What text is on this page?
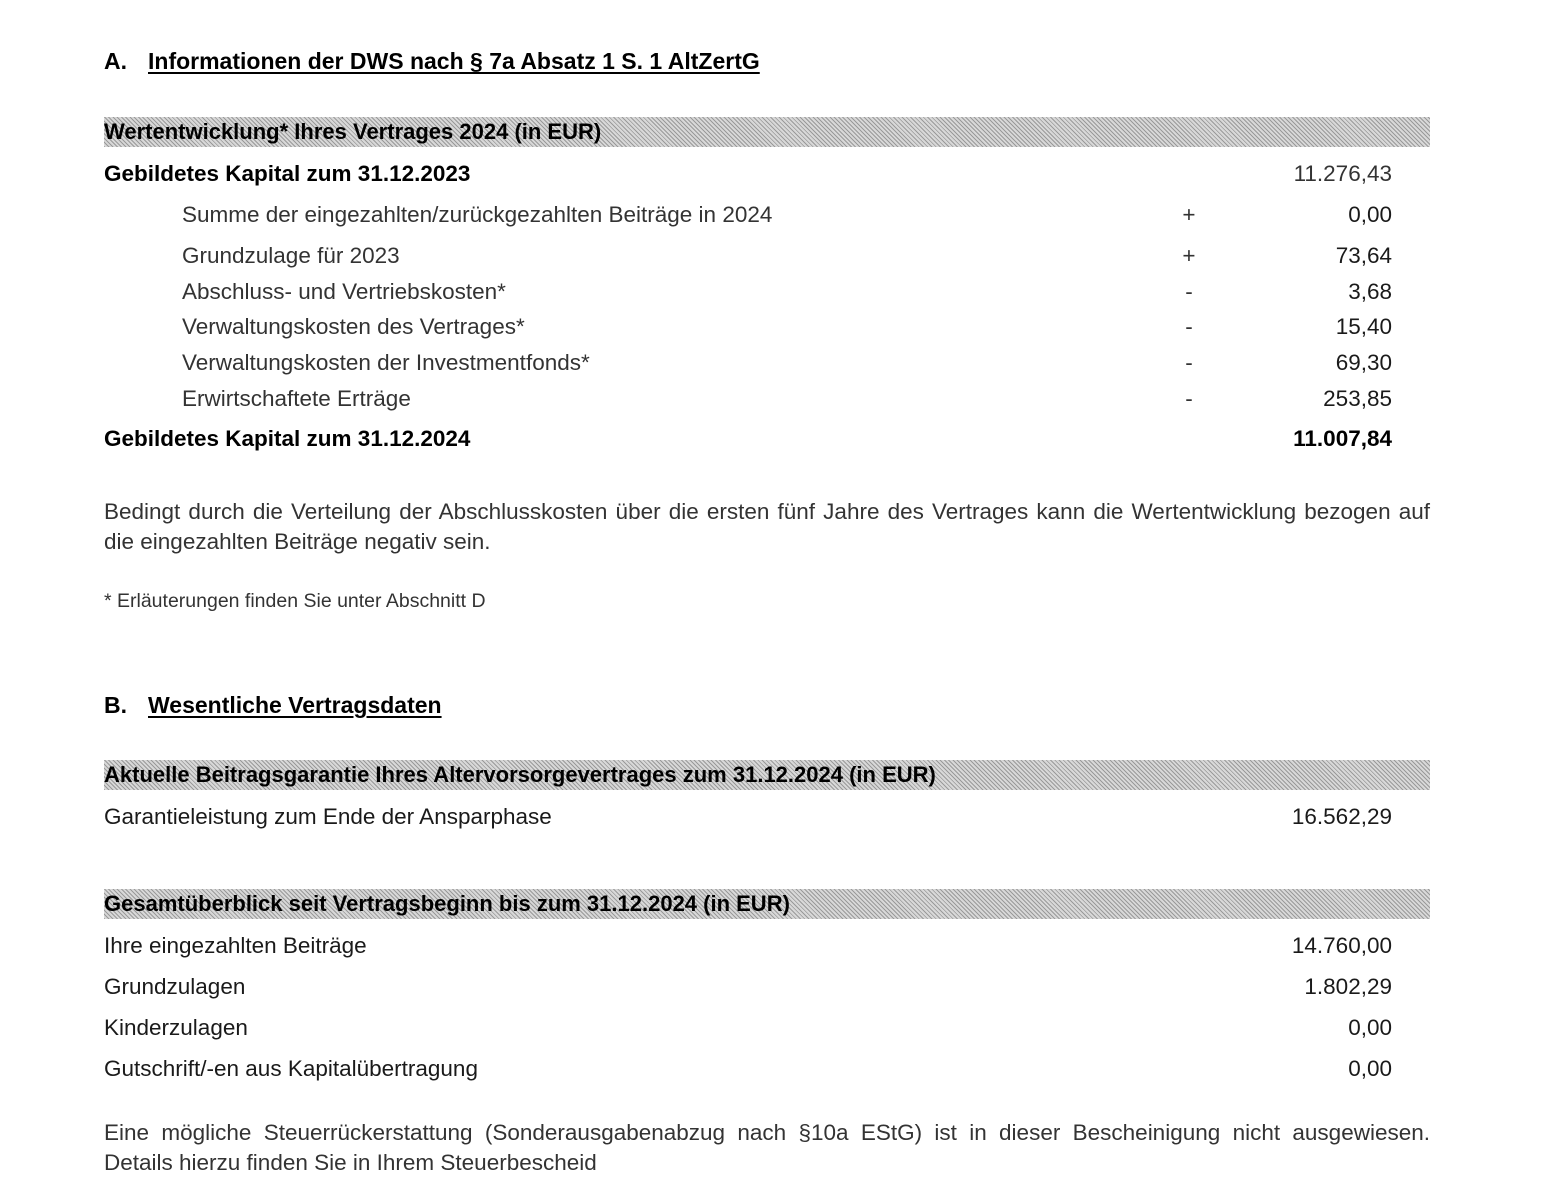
A. Informationen der DWS nach § 7a Absatz 1 S. 1 AltZertG
Wertentwicklung* Ihres Vertrages 2024 (in EUR)
Gebildetes Kapital zum 31.12.2023	11.276,43
Summe der eingezahlten/zurückgezahlten Beiträge in 2024	+	0,00
Grundzulage für 2023	+	73,64
Abschluss- und Vertriebskosten*	-	3,68
Verwaltungskosten des Vertrages*	-	15,40
Verwaltungskosten der Investmentfonds*	-	69,30
Erwirtschaftete Erträge	-	253,85
Gebildetes Kapital zum 31.12.2024	11.007,84
Bedingt durch die Verteilung der Abschlusskosten über die ersten fünf Jahre des Vertrages kann die Wertentwicklung bezogen auf die eingezahlten Beiträge negativ sein.
* Erläuterungen finden Sie unter Abschnitt D
B. Wesentliche Vertragsdaten
Aktuelle Beitragsgarantie Ihres Altervorsorgevertrages zum 31.12.2024 (in EUR)
Garantieleistung zum Ende der Ansparphase	16.562,29
Gesamtüberblick seit Vertragsbeginn bis zum 31.12.2024 (in EUR)
Ihre eingezahlten Beiträge	14.760,00
Grundzulagen	1.802,29
Kinderzulagen	0,00
Gutschrift/-en aus Kapitalübertragung	0,00
Eine mögliche Steuerrückerstattung (Sonderausgabenabzug nach §10a EStG) ist in dieser Bescheinigung nicht ausgewiesen. Details hierzu finden Sie in Ihrem Steuerbescheid
